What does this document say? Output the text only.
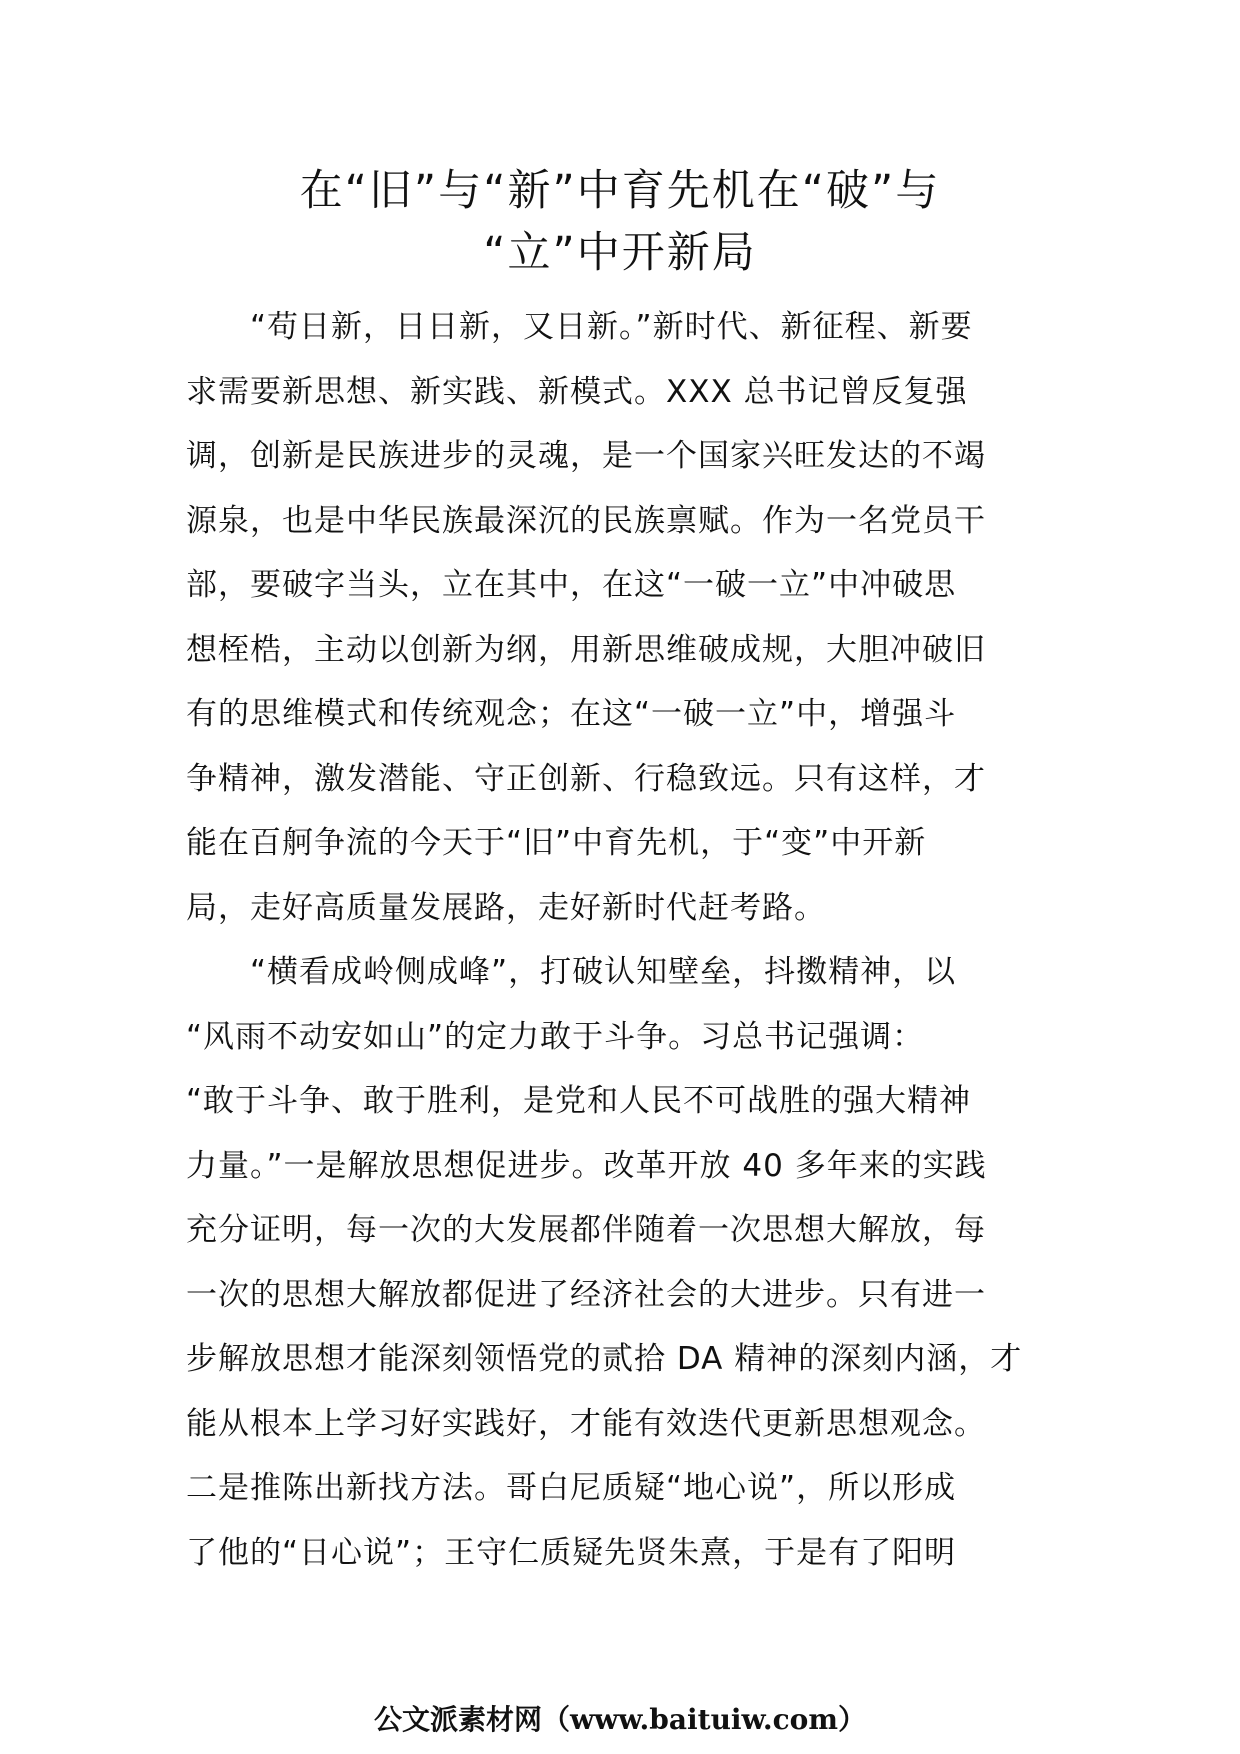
在“旧”与“新”中育先机在“破”与
“立”中开新局
　　“苟日新，日日新，又日新。”新时代、新征程、新要
求需要新思想、新实践、新模式。XXX 总书记曾反复强
调，创新是民族进步的灵魂，是一个国家兴旺发达的不竭
源泉，也是中华民族最深沉的民族禀赋。作为一名党员干
部，要破字当头，立在其中，在这“一破一立”中冲破思
想桎梏，主动以创新为纲，用新思维破成规，大胆冲破旧
有的思维模式和传统观念；在这“一破一立”中，增强斗
争精神，激发潜能、守正创新、行稳致远。只有这样，才
能在百舸争流的今天于“旧”中育先机，于“变”中开新
局，走好高质量发展路，走好新时代赶考路。
　　“横看成岭侧成峰”，打破认知壁垒，抖擞精神，以
“风雨不动安如山”的定力敢于斗争。习总书记强调：
“敢于斗争、敢于胜利，是党和人民不可战胜的强大精神
力量。”一是解放思想促进步。改革开放 40 多年来的实践
充分证明，每一次的大发展都伴随着一次思想大解放，每
一次的思想大解放都促进了经济社会的大进步。只有进一
步解放思想才能深刻领悟党的贰拾 DA 精神的深刻内涵，才
能从根本上学习好实践好，才能有效迭代更新思想观念。
二是推陈出新找方法。哥白尼质疑“地心说”，所以形成
了他的“日心说”；王守仁质疑先贤朱熹，于是有了阳明
公文派素材网（www.baituiw.com）
